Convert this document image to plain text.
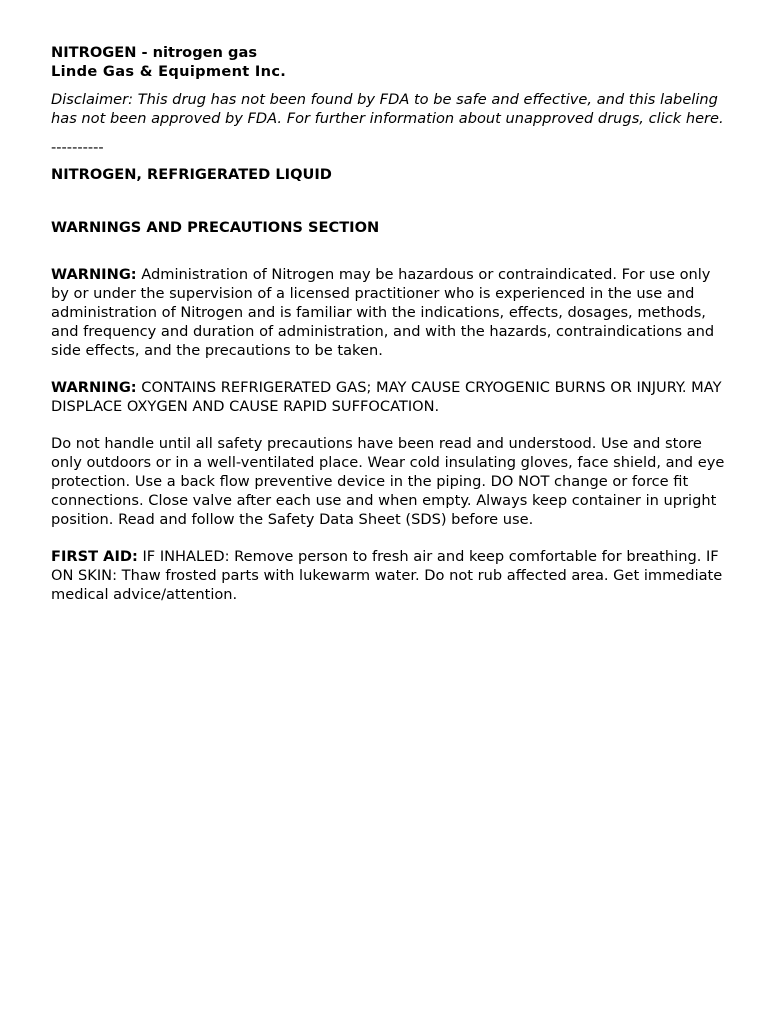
NITROGEN - nitrogen gas

Linde Gas & Equipment Inc.

Disclaimer: This drug has not been found by FDA to be safe and effective, and this labeling has not been approved by FDA. For further information about unapproved drugs, click here.

----------

NITROGEN, REFRIGERATED LIQUID

WARNINGS AND PRECAUTIONS SECTION

WARNING: Administration of Nitrogen may be hazardous or contraindicated. For use only by or under the supervision of a licensed practitioner who is experienced in the use and administration of Nitrogen and is familiar with the indications, effects, dosages, methods, and frequency and duration of administration, and with the hazards, contraindications and side effects, and the precautions to be taken.

WARNING: CONTAINS REFRIGERATED GAS; MAY CAUSE CRYOGENIC BURNS OR INJURY. MAY DISPLACE OXYGEN AND CAUSE RAPID SUFFOCATION.

Do not handle until all safety precautions have been read and understood. Use and store only outdoors or in a well-ventilated place. Wear cold insulating gloves, face shield, and eye protection. Use a back flow preventive device in the piping. DO NOT change or force fit connections. Close valve after each use and when empty. Always keep container in upright position. Read and follow the Safety Data Sheet (SDS) before use.

FIRST AID: IF INHALED: Remove person to fresh air and keep comfortable for breathing. IF ON SKIN: Thaw frosted parts with lukewarm water. Do not rub affected area. Get immediate medical advice/attention.
